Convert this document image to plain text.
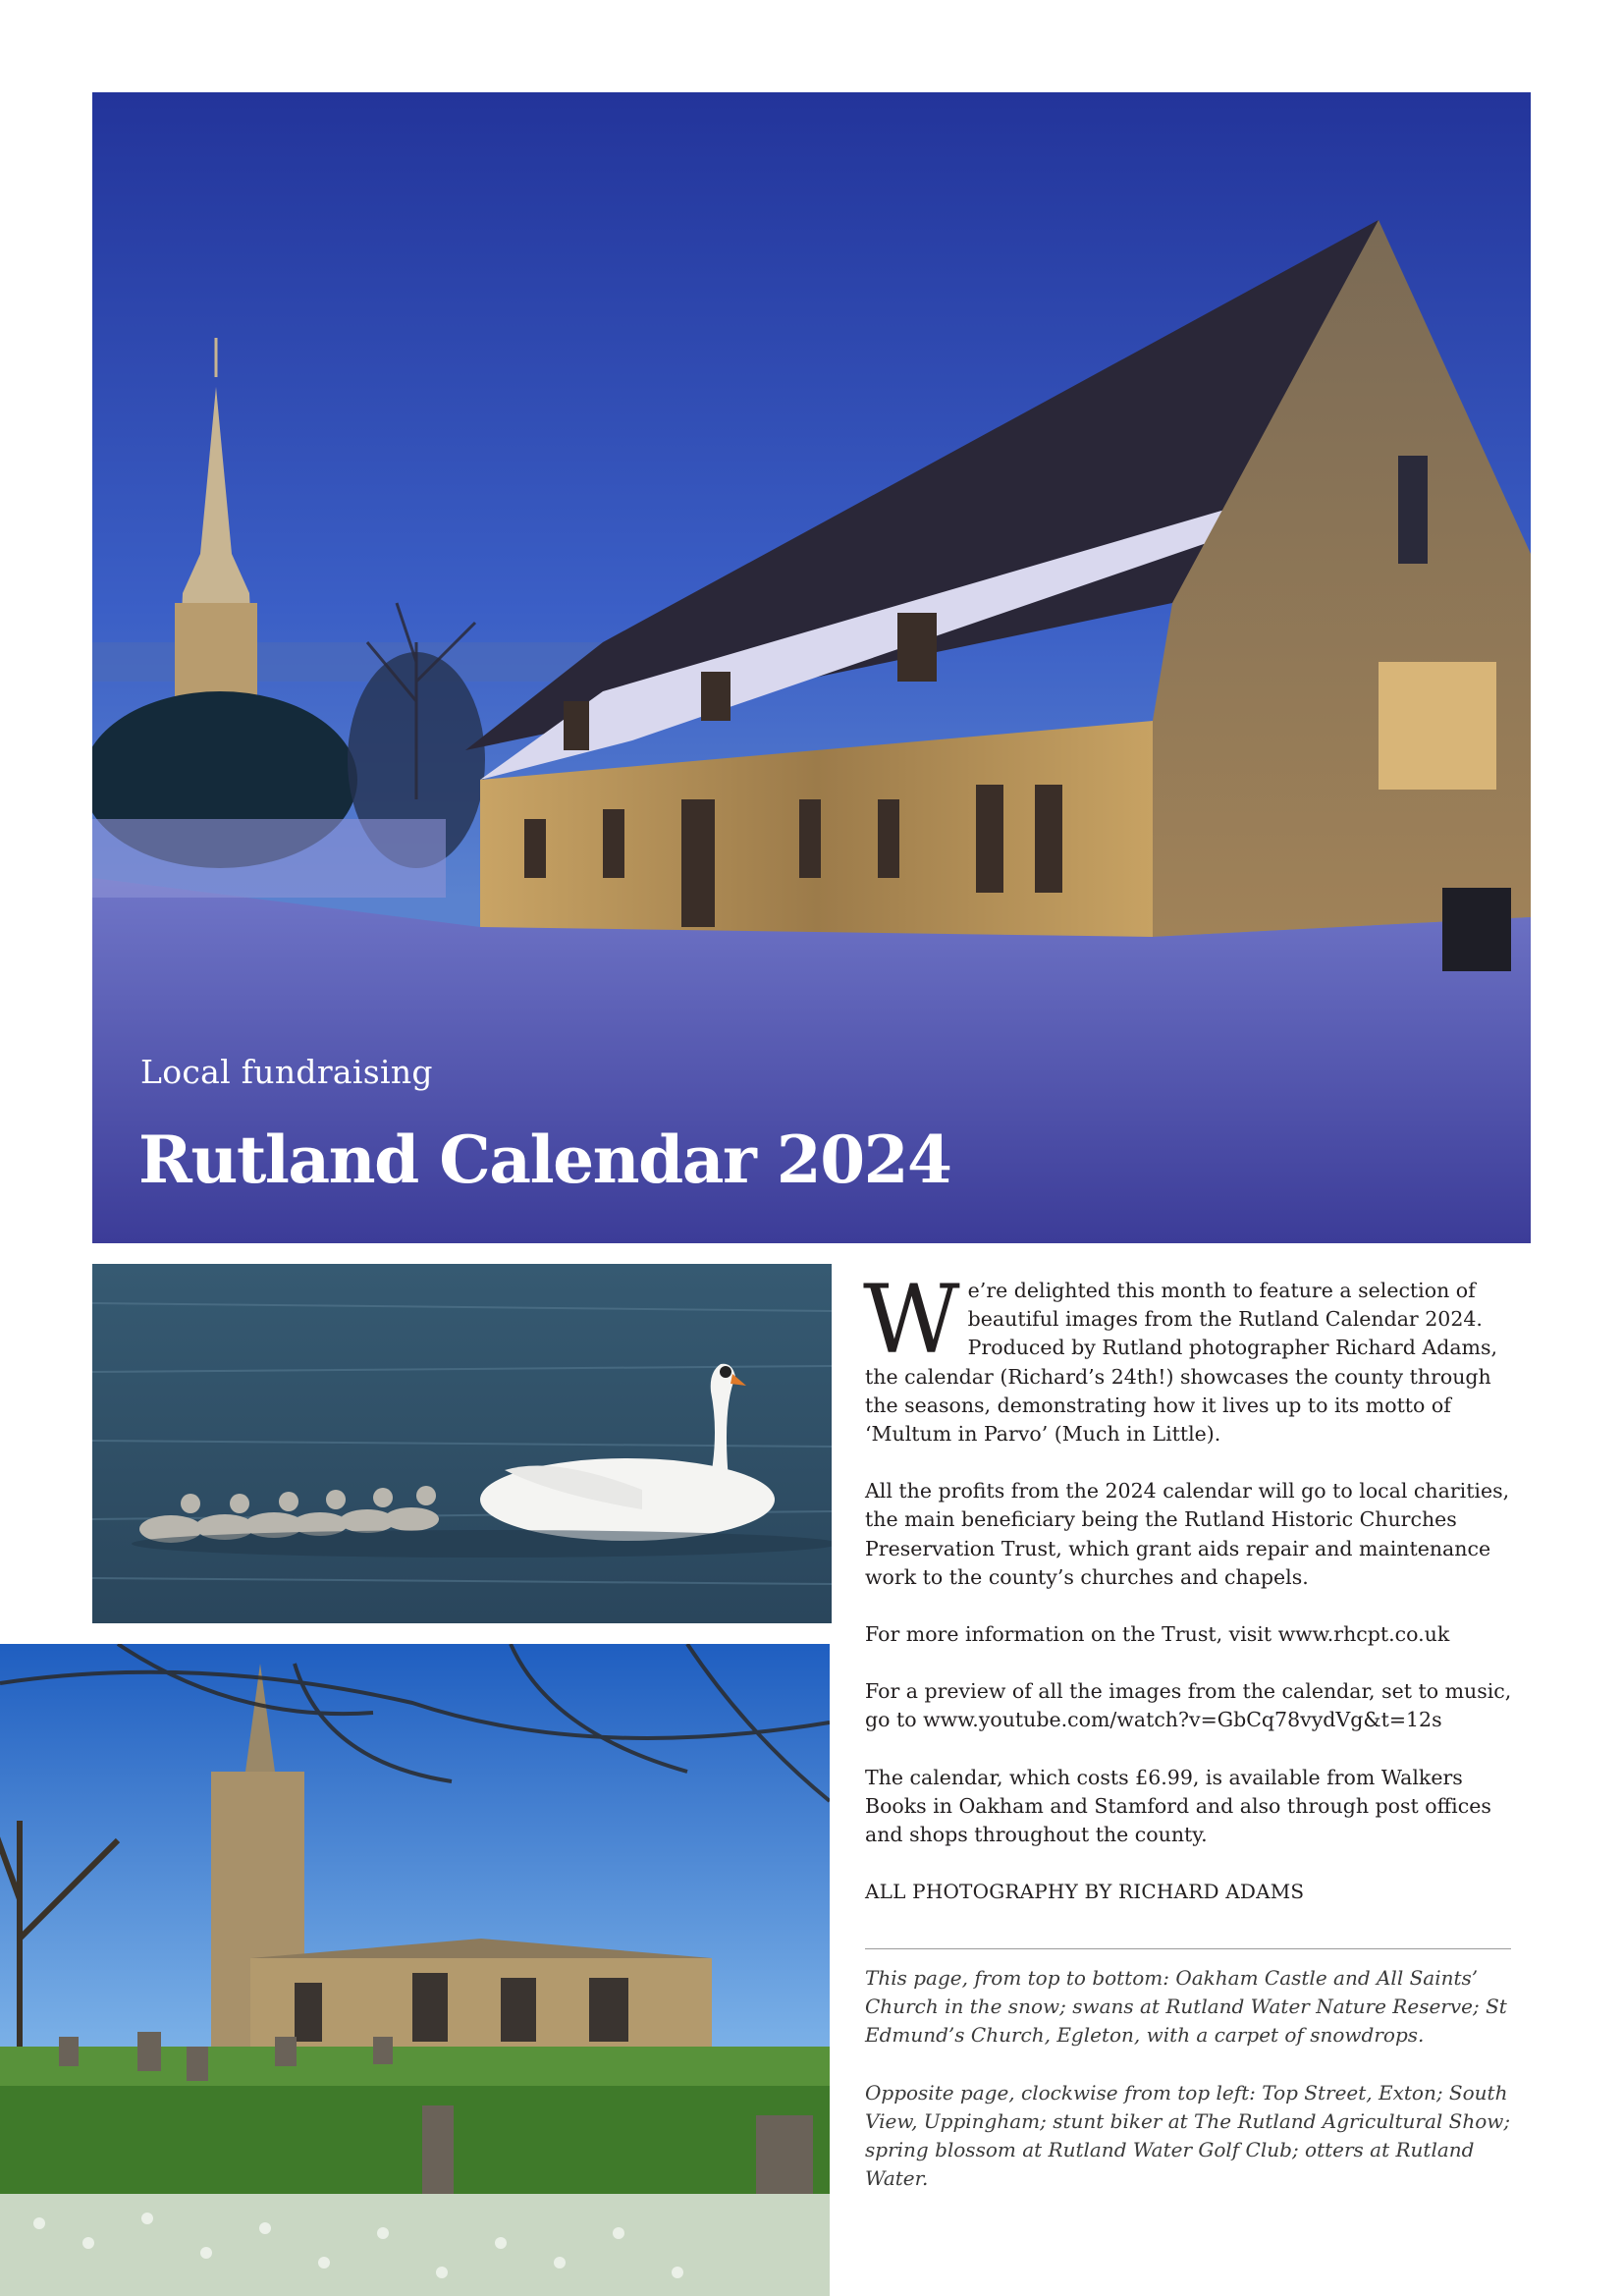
Local fundraising
Rutland Calendar 2024

We’re delighted this month to feature a selection of beautiful images from the Rutland Calendar 2024. Produced by Rutland photographer Richard Adams, the calendar (Richard’s 24th!) showcases the county through the seasons, demonstrating how it lives up to its motto of ‘Multum in Parvo’ (Much in Little).

All the profits from the 2024 calendar will go to local charities, the main beneficiary being the Rutland Historic Churches Preservation Trust, which grant aids repair and maintenance work to the county’s churches and chapels.

For more information on the Trust, visit www.rhcpt.co.uk

For a preview of all the images from the calendar, set to music, go to www.youtube.com/watch?v=GbCq78vydVg&t=12s

The calendar, which costs £6.99, is available from Walkers Books in Oakham and Stamford and also through post offices and shops throughout the county.

ALL PHOTOGRAPHY BY RICHARD ADAMS

This page, from top to bottom: Oakham Castle and All Saints’ Church in the snow; swans at Rutland Water Nature Reserve; St Edmund’s Church, Egleton, with a carpet of snowdrops.

Opposite page, clockwise from top left: Top Street, Exton; South View, Uppingham; stunt biker at The Rutland Agricultural Show; spring blossom at Rutland Water Golf Club; otters at Rutland Water.
